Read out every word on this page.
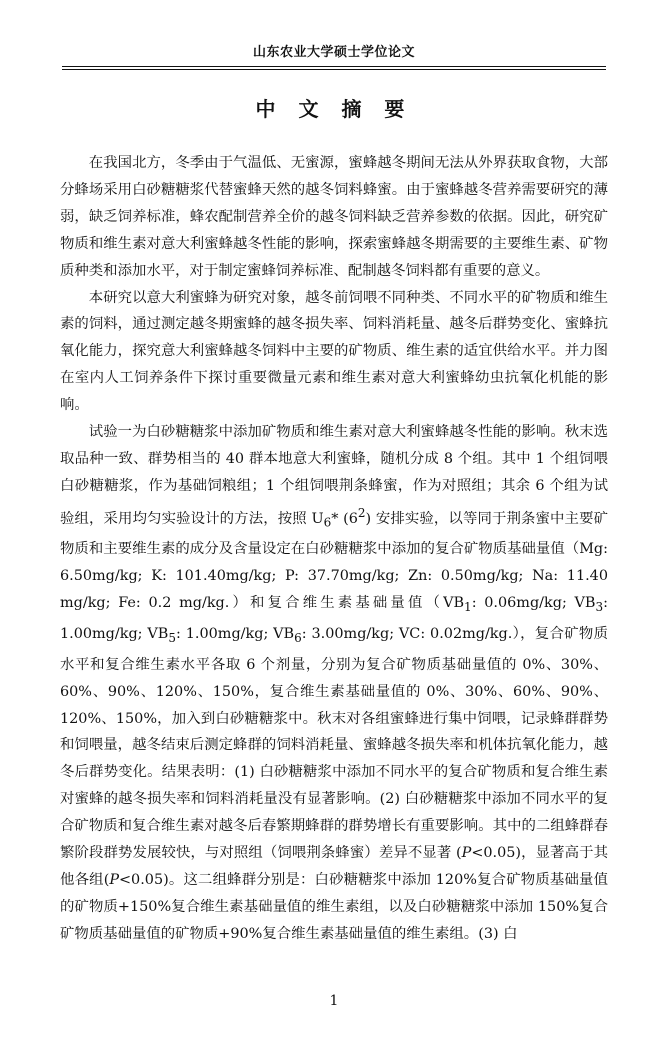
山东农业大学硕士学位论文
中 文 摘 要

在我国北方，冬季由于气温低、无蜜源，蜜蜂越冬期间无法从外界获取食物，大部分蜂场采用白砂糖糖浆代替蜜蜂天然的越冬饲料蜂蜜。由于蜜蜂越冬营养需要研究的薄弱，缺乏饲养标准，蜂农配制营养全价的越冬饲料缺乏营养参数的依据。因此，研究矿物质和维生素对意大利蜜蜂越冬性能的影响，探索蜜蜂越冬期需要的主要维生素、矿物质种类和添加水平，对于制定蜜蜂饲养标准、配制越冬饲料都有重要的意义。

本研究以意大利蜜蜂为研究对象，越冬前饲喂不同种类、不同水平的矿物质和维生素的饲料，通过测定越冬期蜜蜂的越冬损失率、饲料消耗量、越冬后群势变化、蜜蜂抗氧化能力，探究意大利蜜蜂越冬饲料中主要的矿物质、维生素的适宜供给水平。并力图在室内人工饲养条件下探讨重要微量元素和维生素对意大利蜜蜂幼虫抗氧化机能的影响。

试验一为白砂糖糖浆中添加矿物质和维生素对意大利蜜蜂越冬性能的影响。秋末选取品种一致、群势相当的 40 群本地意大利蜜蜂，随机分成 8 个组。其中 1 个组饲喂白砂糖糖浆，作为基础饲粮组；1 个组饲喂荆条蜂蜜，作为对照组；其余 6 个组为试验组，采用均匀实验设计的方法，按照 $U_6*$ $(6^2)$ 安排实验，以等同于荆条蜜中主要矿物质和主要维生素的成分及含量设定在白砂糖糖浆中添加的复合矿物质基础量值（Mg: 6.50mg/kg; K: 101.40mg/kg; P: 37.70mg/kg; Zn: 0.50mg/kg; Na: 11.40 mg/kg; Fe: 0.2 mg/kg.）和复合维生素基础量值（$VB_1$: 0.06mg/kg; $VB_3$: 1.00mg/kg; $VB_5$: 1.00mg/kg; $VB_6$: 3.00mg/kg; VC: 0.02mg/kg.），复合矿物质水平和复合维生素水平各取 6 个剂量，分别为复合矿物质基础量值的 0%、30%、60%、90%、120%、150%，复合维生素基础量值的 0%、30%、60%、90%、120%、150%，加入到白砂糖糖浆中。秋末对各组蜜蜂进行集中饲喂，记录蜂群群势和饲喂量，越冬结束后测定蜂群的饲料消耗量、蜜蜂越冬损失率和机体抗氧化能力，越冬后群势变化。结果表明：(1) 白砂糖糖浆中添加不同水平的复合矿物质和复合维生素对蜜蜂的越冬损失率和饲料消耗量没有显著影响。(2) 白砂糖糖浆中添加不同水平的复合矿物质和复合维生素对越冬后春繁期蜂群的群势增长有重要影响。其中的二组蜂群春繁阶段群势发展较快，与对照组（饲喂荆条蜂蜜）差异不显著 (P<0.05)，显著高于其他各组(P<0.05)。这二组蜂群分别是：白砂糖糖浆中添加 120%复合矿物质基础量值的矿物质+150%复合维生素基础量值的维生素组，以及白砂糖糖浆中添加 150%复合矿物质基础量值的矿物质+90%复合维生素基础量值的维生素组。(3) 白

1
